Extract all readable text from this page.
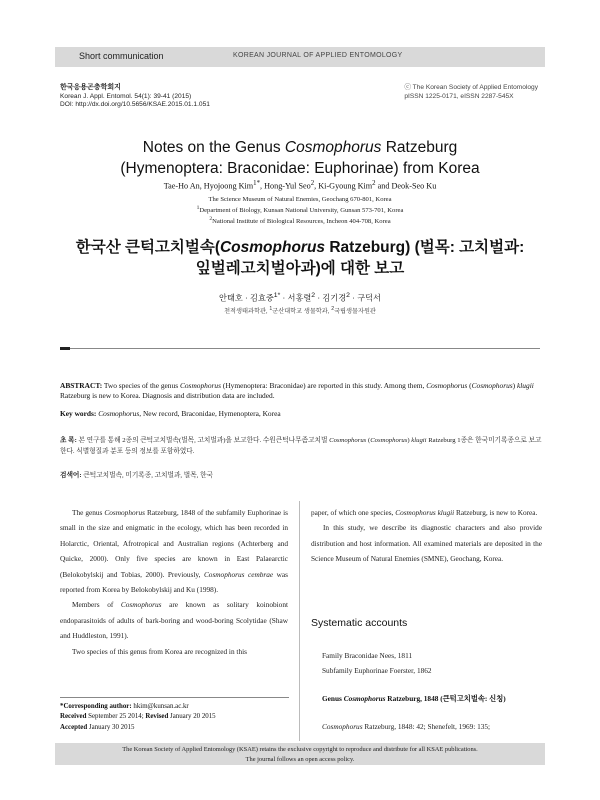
Short communication	KOREAN JOURNAL OF APPLIED ENTOMOLOGY
한국응용곤충학회지
Korean J. Appl. Entomol. 54(1): 39-41 (2015)
DOI: http://dx.doi.org/10.5656/KSAE.2015.01.1.051
ⓒ The Korean Society of Applied Entomology
pISSN 1225-0171, eISSN 2287-545X
Notes on the Genus Cosmophorus Ratzeburg
(Hymenoptera: Braconidae: Euphorinae) from Korea
Tae-Ho An, Hyojoong Kim$^{1*}$, Hong-Yul Seo$^2$, Ki-Gyoung Kim$^2$ and Deok-Seo Ku
The Science Museum of Natural Enemies, Geochang 670-801, Korea
$^1$Department of Biology, Kunsan National University, Gunsan 573-701, Korea
$^2$National Institute of Biological Resources, Incheon 404-708, Korea
한국산 큰턱고치벌속(Cosmophorus Ratzeburg) (벌목: 고치벌과:
잎벌레고치벌아과)에 대한 보고
안태호 · 김효중$^{1*}$ · 서홍렬$^2$ · 김기경$^2$ · 구덕서
천적생태과학관, $^1$군산대학교 생물학과, $^2$국립생물자원관
ABSTRACT: Two species of the genus Cosmophorus (Hymenoptera: Braconidae) are reported in this study. Among them, Cosmophorus (Cosmophorus) klugii Ratzeburg is new to Korea. Diagnosis and distribution data are included.
Key words: Cosmophorus, New record, Braconidae, Hymenoptera, Korea
초 록: 본 연구를 통해 2종의 큰턱고치벌속(벌목, 고치벌과)을 보고한다. 수원큰턱나무좀고치벌 Cosmophorus (Cosmophorus) klugii Ratzeburg 1종은 한국미기록종으로 보고한다. 식별형질과 분포 등의 정보를 포함하였다.
검색어: 큰턱고치벌속, 미기록종, 고치벌과, 벌목, 한국

The genus Cosmophorus Ratzeburg, 1848 of the subfamily Euphorinae is small in the size and enigmatic in the ecology, which has been recorded in Holarctic, Oriental, Afrotropical and Australian regions (Achterberg and Quicke, 2000). Only five species are known in East Palaearctic (Belokobylskij and Tobias, 2000). Previously, Cosmophorus cembrae was reported from Korea by Belokobylskij and Ku (1998).

Members of Cosmophorus are known as solitary koinobiont endoparasitoids of adults of bark-boring and wood-boring Scolytidae (Shaw and Huddleston, 1991).

Two species of this genus from Korea are recognized in this

paper, of which one species, Cosmophorus klugii Ratzeburg, is new to Korea.

In this study, we describe its diagnostic characters and also provide distribution and host information. All examined materials are deposited in the Science Museum of Natural Enemies (SMNE), Geochang, Korea.

Systematic accounts
Family Braconidae Nees, 1811
Subfamily Euphorinae Foerster, 1862
Genus Cosmophorus Ratzeburg, 1848 (큰턱고치벌속: 신칭)
Cosmophorus Ratzeburg, 1848: 42; Shenefelt, 1969: 135;
*Corresponding author: hkim@kunsan.ac.kr
Received September 25 2014; Revised January 20 2015
Accepted January 30 2015
The Korean Society of Applied Entomology (KSAE) retains the exclusive copyright to reproduce and distribute for all KSAE publications.
The journal follows an open access policy.
